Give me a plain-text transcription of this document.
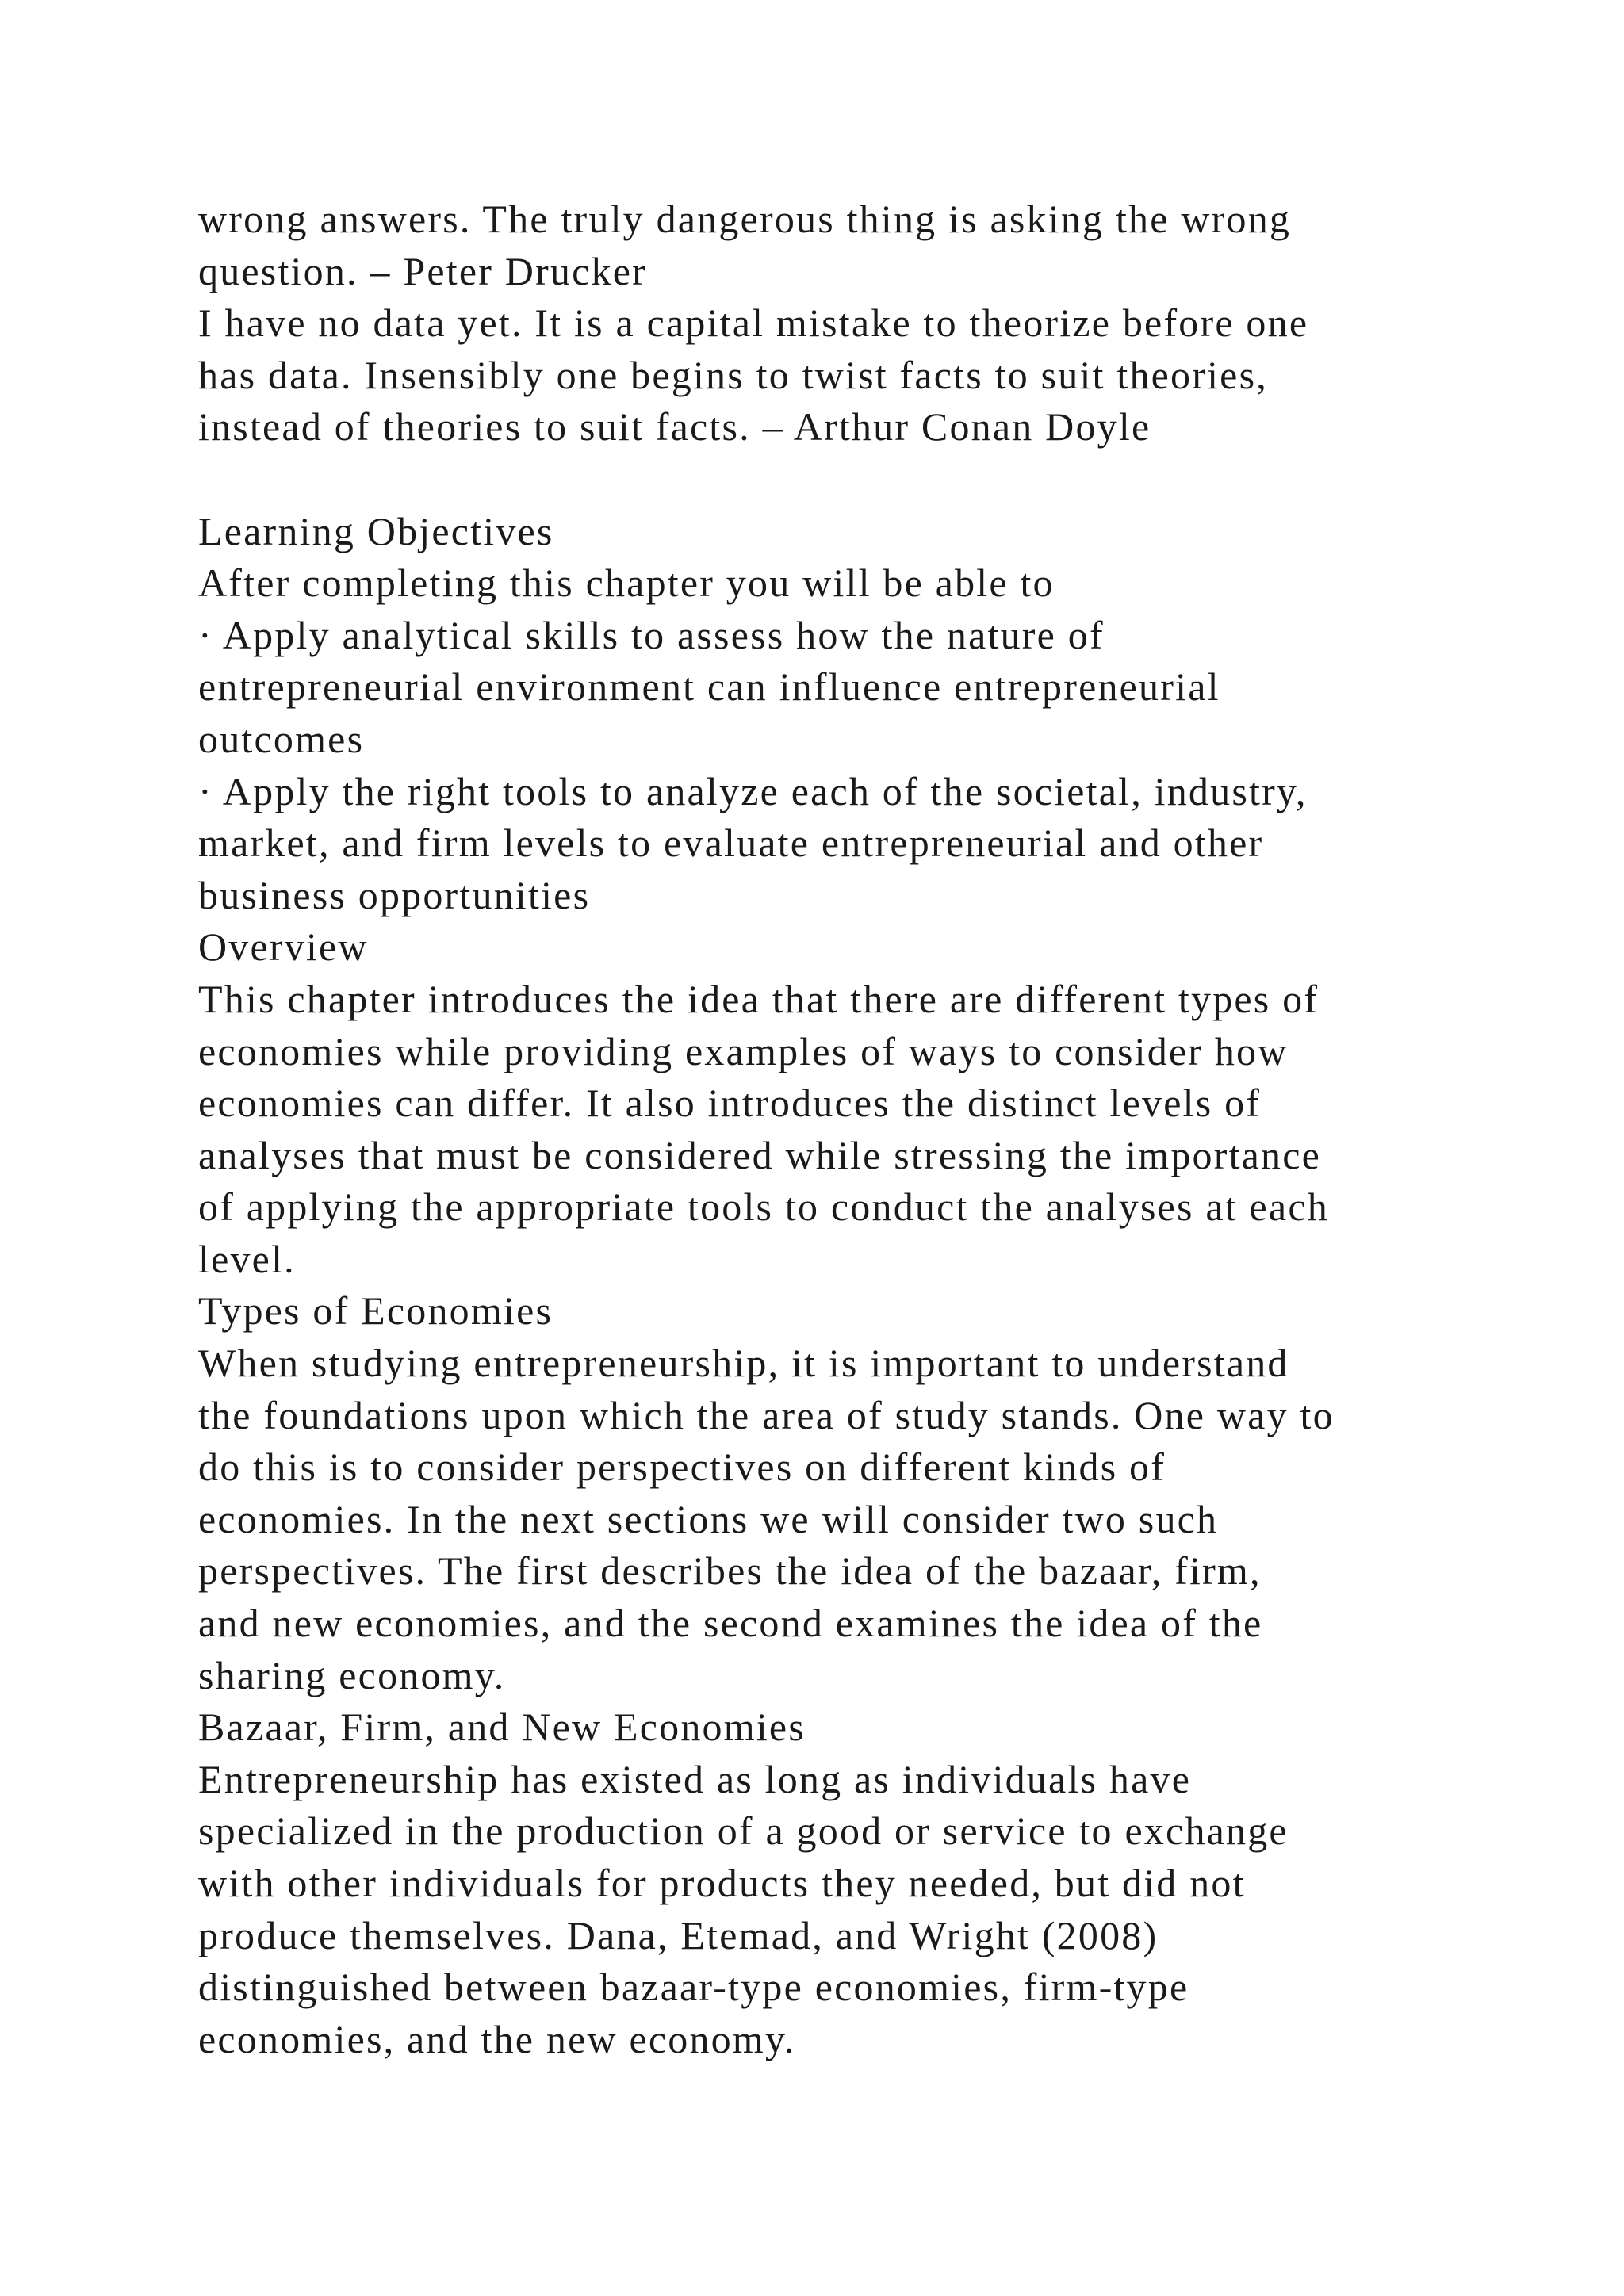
wrong answers. The truly dangerous thing is asking the wrong
question. – Peter Drucker
I have no data yet. It is a capital mistake to theorize before one
has data. Insensibly one begins to twist facts to suit theories,
instead of theories to suit facts. – Arthur Conan Doyle
Learning Objectives
After completing this chapter you will be able to
· Apply analytical skills to assess how the nature of
entrepreneurial environment can influence entrepreneurial
outcomes
· Apply the right tools to analyze each of the societal, industry,
market, and firm levels to evaluate entrepreneurial and other
business opportunities
Overview
This chapter introduces the idea that there are different types of
economies while providing examples of ways to consider how
economies can differ. It also introduces the distinct levels of
analyses that must be considered while stressing the importance
of applying the appropriate tools to conduct the analyses at each
level.
Types of Economies
When studying entrepreneurship, it is important to understand
the foundations upon which the area of study stands. One way to
do this is to consider perspectives on different kinds of
economies. In the next sections we will consider two such
perspectives. The first describes the idea of the bazaar, firm,
and new economies, and the second examines the idea of the
sharing economy.
Bazaar, Firm, and New Economies
Entrepreneurship has existed as long as individuals have
specialized in the production of a good or service to exchange
with other individuals for products they needed, but did not
produce themselves. Dana, Etemad, and Wright (2008)
distinguished between bazaar-type economies, firm-type
economies, and the new economy.
